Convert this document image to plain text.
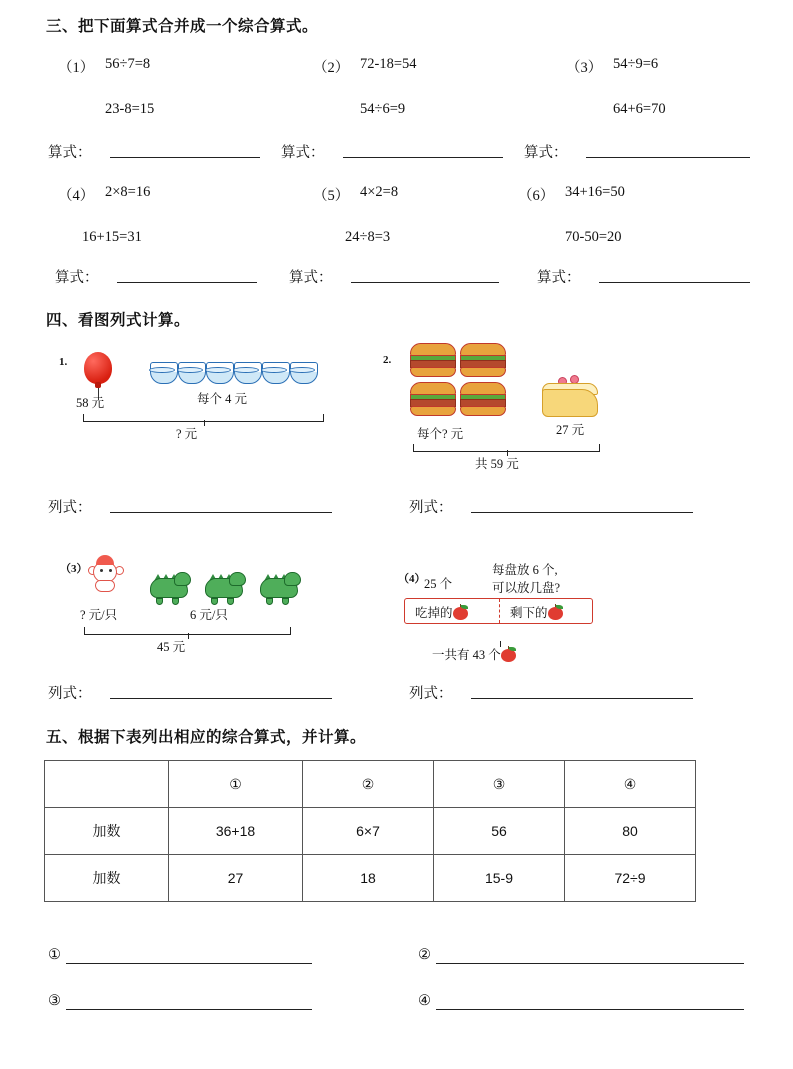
三、把下面算式合并成一个综合算式。
（1） 56÷7=8
23-8=15
（2） 72-18=54
54÷6=9
（3） 54÷9=6
64+6=70
算式：	算式：	算式：
（4） 2×8=16
16+15=31
（5） 4×2=8
24÷8=3
（6） 34+16=50
70-50=20
算式：	算式：	算式：
四、看图列式计算。
1.
58 元	每个 4 元
? 元
列式：
2.
每个? 元	27 元
共 59 元
列式：
（3）
? 元/只	6 元/只
45 元
列式：
（4）
25 个
每盘放 6 个,
可以放几盘?
吃掉的	剩下的
一共有 43 个
列式：
五、根据下表列出相应的综合算式，并计算。
	①	②	③	④
加数	36+18	6×7	56	80
加数	27	18	15-9	72÷9
①	②
③	④
